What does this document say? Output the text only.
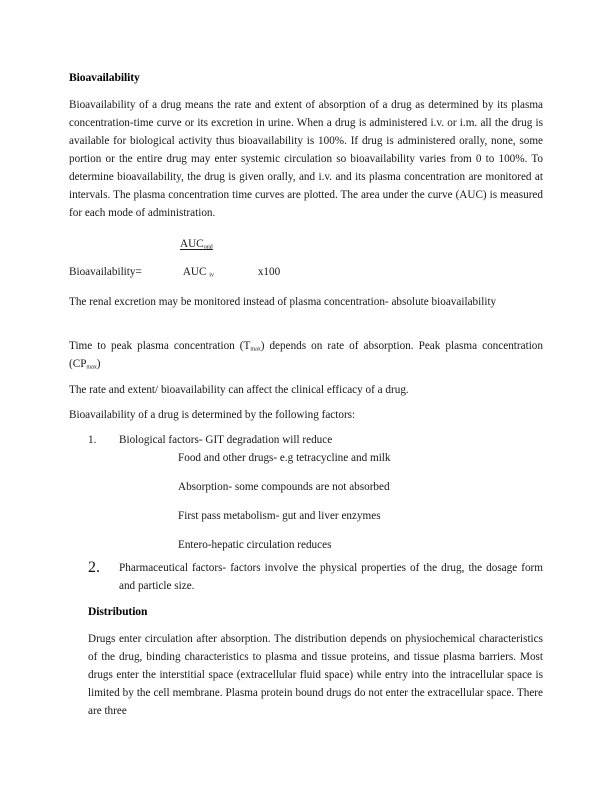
Bioavailability
Bioavailability of a drug means the rate and extent of absorption of a drug as determined by its plasma concentration-time curve or its excretion in urine. When a drug is administered i.v. or i.m. all the drug is available for biological activity thus bioavailability is 100%. If drug is administered orally, none, some portion or the entire drug may enter systemic circulation so bioavailability varies from 0 to 100%. To determine bioavailability, the drug is given orally, and i.v. and its plasma concentration are monitored at intervals. The plasma concentration time curves are plotted. The area under the curve (AUC) is measured for each mode of administration.
$AUC_{oral}$
Bioavailability=	AUC $_{iv}$	x100
The renal excretion may be monitored instead of plasma concentration- absolute bioavailability
Time to peak plasma concentration $(T_{max})$ depends on rate of absorption. Peak plasma concentration $(CP_{max})$
The rate and extent/ bioavailability can affect the clinical efficacy of a drug.
Bioavailability of a drug is determined by the following factors:
1.	Biological factors- GIT degradation will reduce
Food and other drugs- e.g tetracycline and milk
Absorption- some compounds are not absorbed
First pass metabolism- gut and liver enzymes
Entero-hepatic circulation reduces
2.	Pharmaceutical factors- factors involve the physical properties of the drug, the dosage form and particle size.
Distribution
Drugs enter circulation after absorption. The distribution depends on physiochemical characteristics of the drug, binding characteristics to plasma and tissue proteins, and tissue plasma barriers. Most drugs enter the interstitial space (extracellular fluid space) while entry into the intracellular space is limited by the cell membrane. Plasma protein bound drugs do not enter the extracellular space. There are three
